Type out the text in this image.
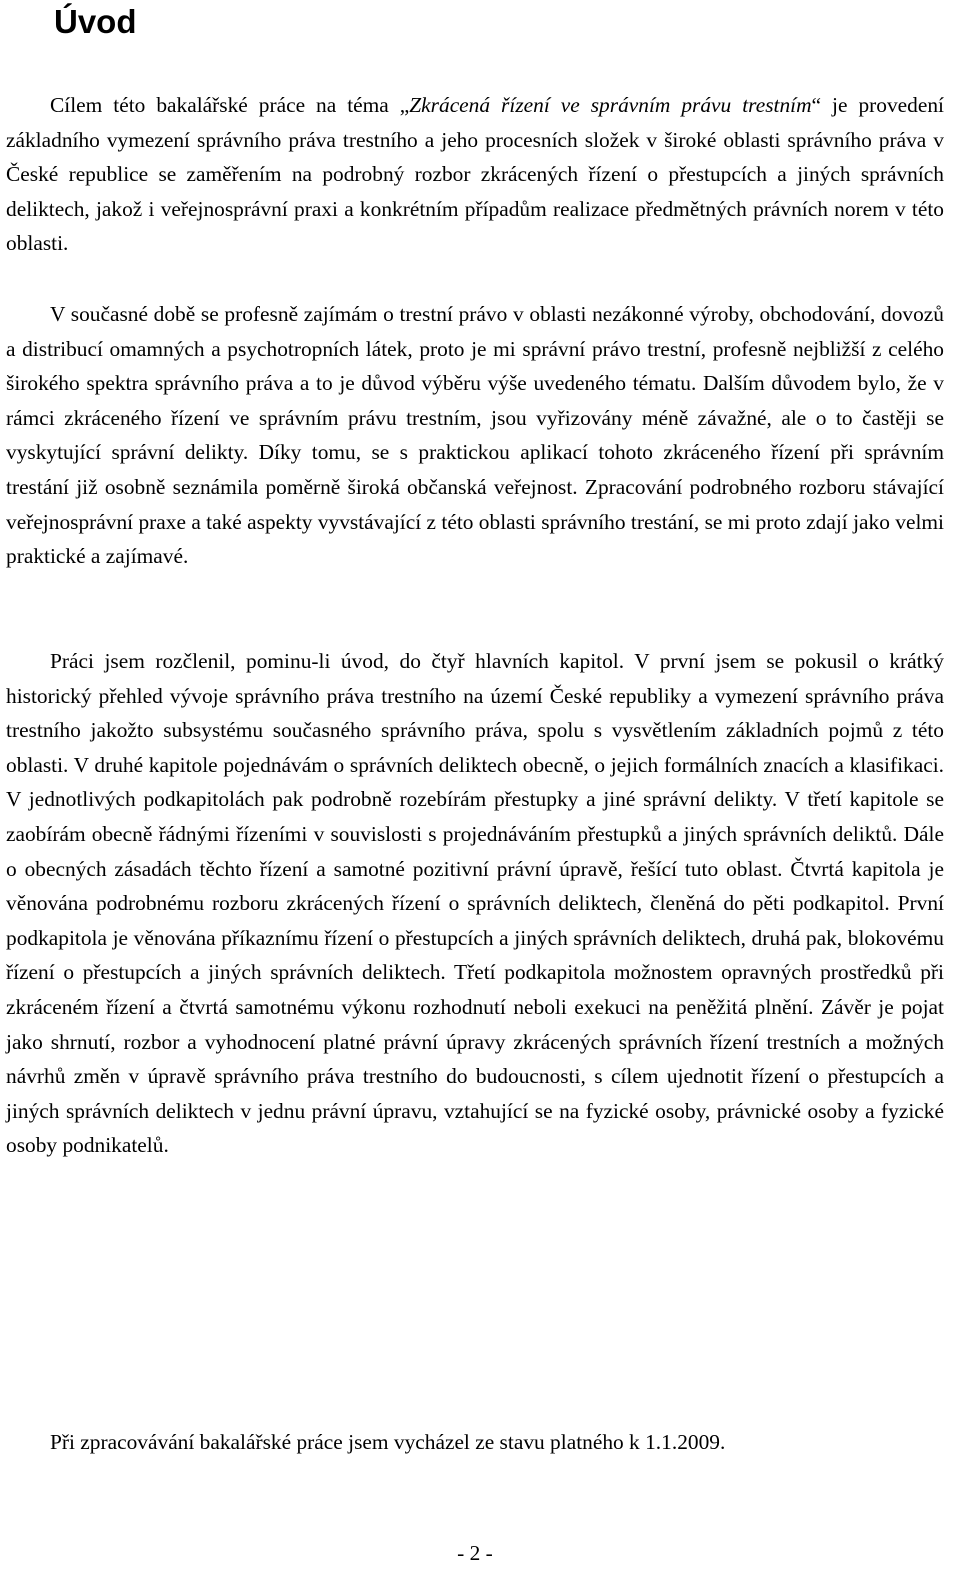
Úvod

Cílem této bakalářské práce na téma „Zkrácená řízení ve správním právu trestním“ je provedení základního vymezení správního práva trestního a jeho procesních složek v široké oblasti správního práva v České republice se zaměřením na podrobný rozbor zkrácených řízení o přestupcích a jiných správních deliktech, jakož i veřejnosprávní praxi a konkrétním případům realizace předmětných právních norem v této oblasti.

V současné době se profesně zajímám o trestní právo v oblasti nezákonné výroby, obchodování, dovozů a distribucí omamných a psychotropních látek, proto je mi správní právo trestní, profesně nejbližší z celého širokého spektra správního práva a to je důvod výběru výše uvedeného tématu. Dalším důvodem bylo, že v rámci zkráceného řízení ve správním právu trestním, jsou vyřizovány méně závažné, ale o to častěji se vyskytující správní delikty. Díky tomu, se s praktickou aplikací tohoto zkráceného řízení při správním trestání již osobně seznámila poměrně široká občanská veřejnost. Zpracování podrobného rozboru stávající veřejnosprávní praxe a také aspekty vyvstávající z této oblasti správního trestání, se mi proto zdají jako velmi praktické a zajímavé.

Práci jsem rozčlenil, pominu-li úvod, do čtyř hlavních kapitol. V první jsem se pokusil o krátký historický přehled vývoje správního práva trestního na území České republiky a vymezení správního práva trestního jakožto subsystému současného správního práva, spolu s vysvětlením základních pojmů z této oblasti. V druhé kapitole pojednávám o správních deliktech obecně, o jejich formálních znacích a klasifikaci. V jednotlivých podkapitolách pak podrobně rozebírám přestupky a jiné správní delikty. V třetí kapitole se zaobírám obecně řádnými řízeními v souvislosti s projednáváním přestupků a jiných správních deliktů. Dále o obecných zásadách těchto řízení a samotné pozitivní právní úpravě, řešící tuto oblast. Čtvrtá kapitola je věnována podrobnému rozboru zkrácených řízení o správních deliktech, členěná do pěti podkapitol. První podkapitola je věnována příkaznímu řízení o přestupcích a jiných správních deliktech, druhá pak, blokovému řízení o přestupcích a jiných správních deliktech. Třetí podkapitola možnostem opravných prostředků při zkráceném řízení a čtvrtá samotnému výkonu rozhodnutí neboli exekuci na peněžitá plnění. Závěr je pojat jako shrnutí, rozbor a vyhodnocení platné právní úpravy zkrácených správních řízení trestních a možných návrhů změn v úpravě správního práva trestního do budoucnosti, s cílem ujednotit řízení o přestupcích a jiných správních deliktech v jednu právní úpravu, vztahující se na fyzické osoby, právnické osoby a fyzické osoby podnikatelů.

Při zpracovávání bakalářské práce jsem vycházel ze stavu platného k 1.1.2009.

- 2 -
